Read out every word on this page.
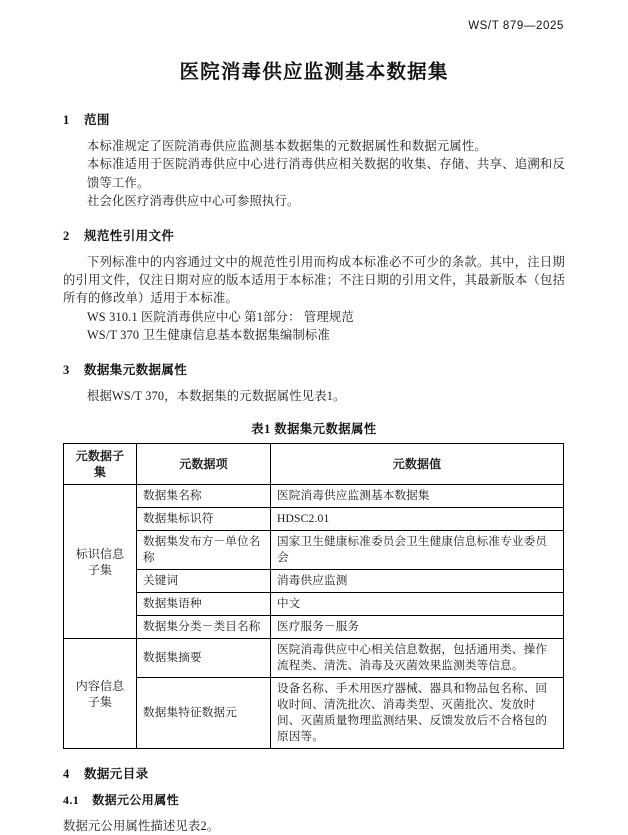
WS/T 879—2025
医院消毒供应监测基本数据集
1 范围

本标准规定了医院消毒供应监测基本数据集的元数据属性和数据元属性。

本标准适用于医院消毒供应中心进行消毒供应相关数据的收集、存储、共享、追溯和反馈等工作。

社会化医疗消毒供应中心可参照执行。

2 规范性引用文件

下列标准中的内容通过文中的规范性引用而构成本标准必不可少的条款。其中，注日期的引用文件，仅注日期对应的版本适用于本标准；不注日期的引用文件，其最新版本（包括所有的修改单）适用于本标准。

WS 310.1 医院消毒供应中心 第1部分： 管理规范
WS/T 370 卫生健康信息基本数据集编制标准
3 数据集元数据属性

根据WS/T 370，本数据集的元数据属性见表1。

表1 数据集元数据属性
元数据子集	元数据项	元数据值
标识信息子集	数据集名称	医院消毒供应监测基本数据集
	数据集标识符	HDSC2.01
	数据集发布方－单位名称	国家卫生健康标准委员会卫生健康信息标准专业委员会
	关键词	消毒供应监测
	数据集语种	中文
	数据集分类－类目名称	医疗服务－服务
内容信息子集	数据集摘要	医院消毒供应中心相关信息数据，包括通用类、操作流程类、清洗、消毒及灭菌效果监测类等信息。
	数据集特征数据元	设备名称、手术用医疗器械、器具和物品包名称、回收时间、清洗批次、消毒类型、灭菌批次、发放时间、灭菌质量物理监测结果、反馈发放后不合格包的原因等。
4 数据元目录
4.1 数据元公用属性

数据元公用属性描述见表2。
